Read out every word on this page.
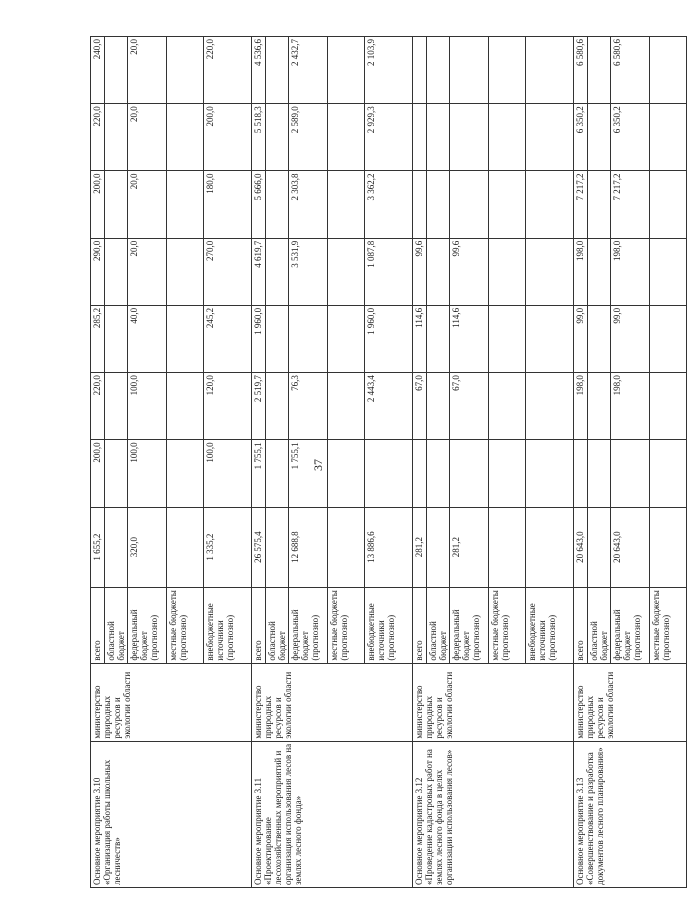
37
Основное мероприятие 3.10 «Организация работы школьных лесничеств»	министерство природных ресурсов и экологии области	всего	1 655,2	200,0	220,0	285,2	290,0	200,0	220,0	240,0
		областной бюджет								
		федеральный бюджет (прогнозно)	320,0	100,0	100,0	40,0	20,0	20,0	20,0	20,0
		местные бюджеты (прогнозно)								
		внебюджетные источники (прогнозно)	1 335,2	100,0	120,0	245,2	270,0	180,0	200,0	220,0
Основное мероприятие 3.11 «Проектирование лесохозяйственных мероприятий и организация использования лесов на землях лесного фонда»	министерство природных ресурсов и экологии области	всего	26 575,4	1 755,1	2 519,7	1 960,0	4 619,7	5 666,0	5 518,3	4 536,6
		областной бюджет								
		федеральный бюджет (прогнозно)	12 688,8	1 755,1	76,3		3 531,9	2 303,8	2 589,0	2 432,7
		местные бюджеты (прогнозно)								
		внебюджетные источники (прогнозно)	13 886,6		2 443,4	1 960,0	1 087,8	3 362,2	2 929,3	2 103,9
Основное мероприятие 3.12 «Проведение кадастровых работ на землях лесного фонда в целях организации использования лесов»	министерство природных ресурсов и экологии области	всего	281,2		67,0	114,6	99,6			
		областной бюджет								
		федеральный бюджет (прогнозно)	281,2		67,0	114,6	99,6			
		местные бюджеты (прогнозно)								
		внебюджетные источники (прогнозно)								
Основное мероприятие 3.13 «Совершенствование и разработка документов лесного планирования»	министерство природных ресурсов и экологии области	всего	20 643,0		198,0	99,0	198,0	7 217,2	6 350,2	6 580,6
		областной бюджет								
		федеральный бюджет (прогнозно)	20 643,0		198,0	99,0	198,0	7 217,2	6 350,2	6 580,6
		местные бюджеты (прогнозно)								
